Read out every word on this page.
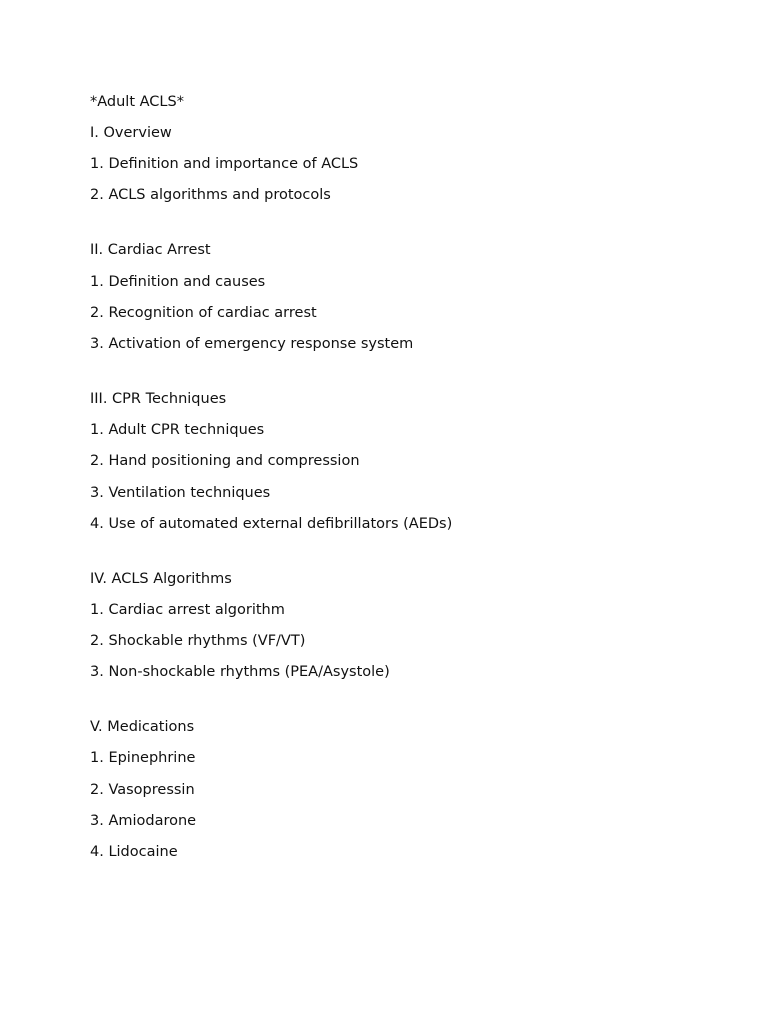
*Adult ACLS*
I. Overview
1. Definition and importance of ACLS
2. ACLS algorithms and protocols
II. Cardiac Arrest
1. Definition and causes
2. Recognition of cardiac arrest
3. Activation of emergency response system
III. CPR Techniques
1. Adult CPR techniques
2. Hand positioning and compression
3. Ventilation techniques
4. Use of automated external defibrillators (AEDs)
IV. ACLS Algorithms
1. Cardiac arrest algorithm
2. Shockable rhythms (VF/VT)
3. Non-shockable rhythms (PEA/Asystole)
V. Medications
1. Epinephrine
2. Vasopressin
3. Amiodarone
4. Lidocaine
